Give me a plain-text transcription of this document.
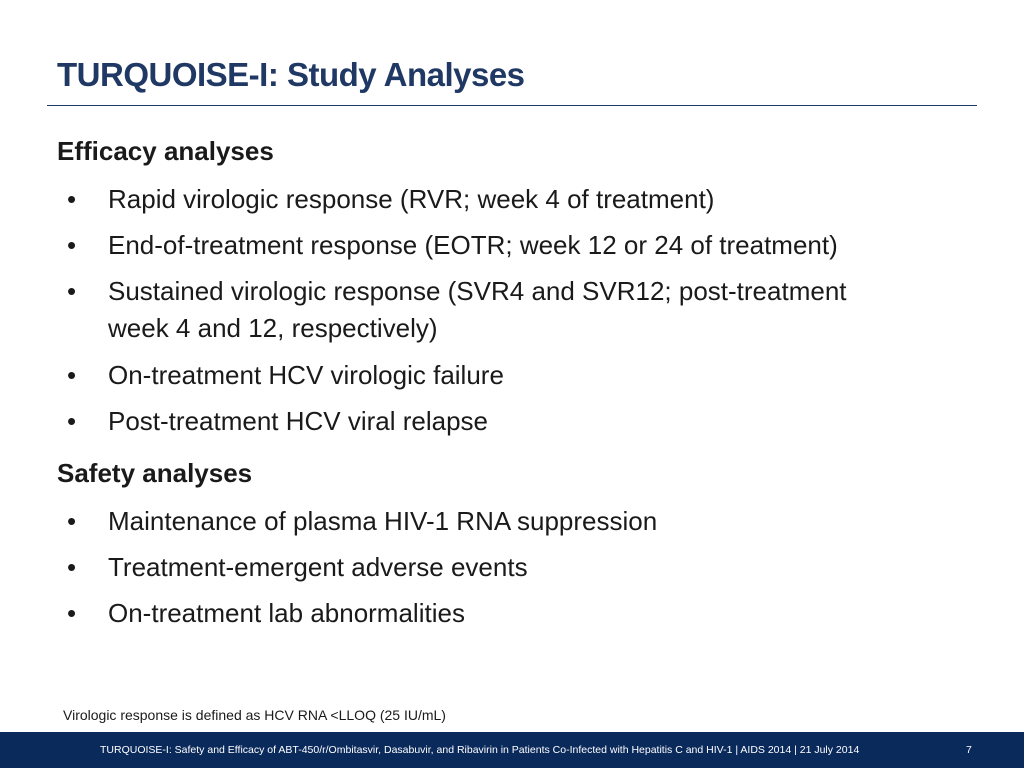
TURQUOISE-I: Study Analyses
Efficacy analyses
• Rapid virologic response (RVR; week 4 of treatment)
• End-of-treatment response (EOTR; week 12 or 24 of treatment)
• Sustained virologic response (SVR4 and SVR12; post-treatment
week 4 and 12, respectively)
• On-treatment HCV virologic failure
• Post-treatment HCV viral relapse
Safety analyses
• Maintenance of plasma HIV-1 RNA suppression
• Treatment-emergent adverse events
• On-treatment lab abnormalities
Virologic response is defined as HCV RNA <LLOQ (25 IU/mL)
TURQUOISE-I: Safety and Efficacy of ABT-450/r/Ombitasvir, Dasabuvir, and Ribavirin in Patients Co-Infected with Hepatitis C and HIV-1 | AIDS 2014 | 21 July 2014	7
